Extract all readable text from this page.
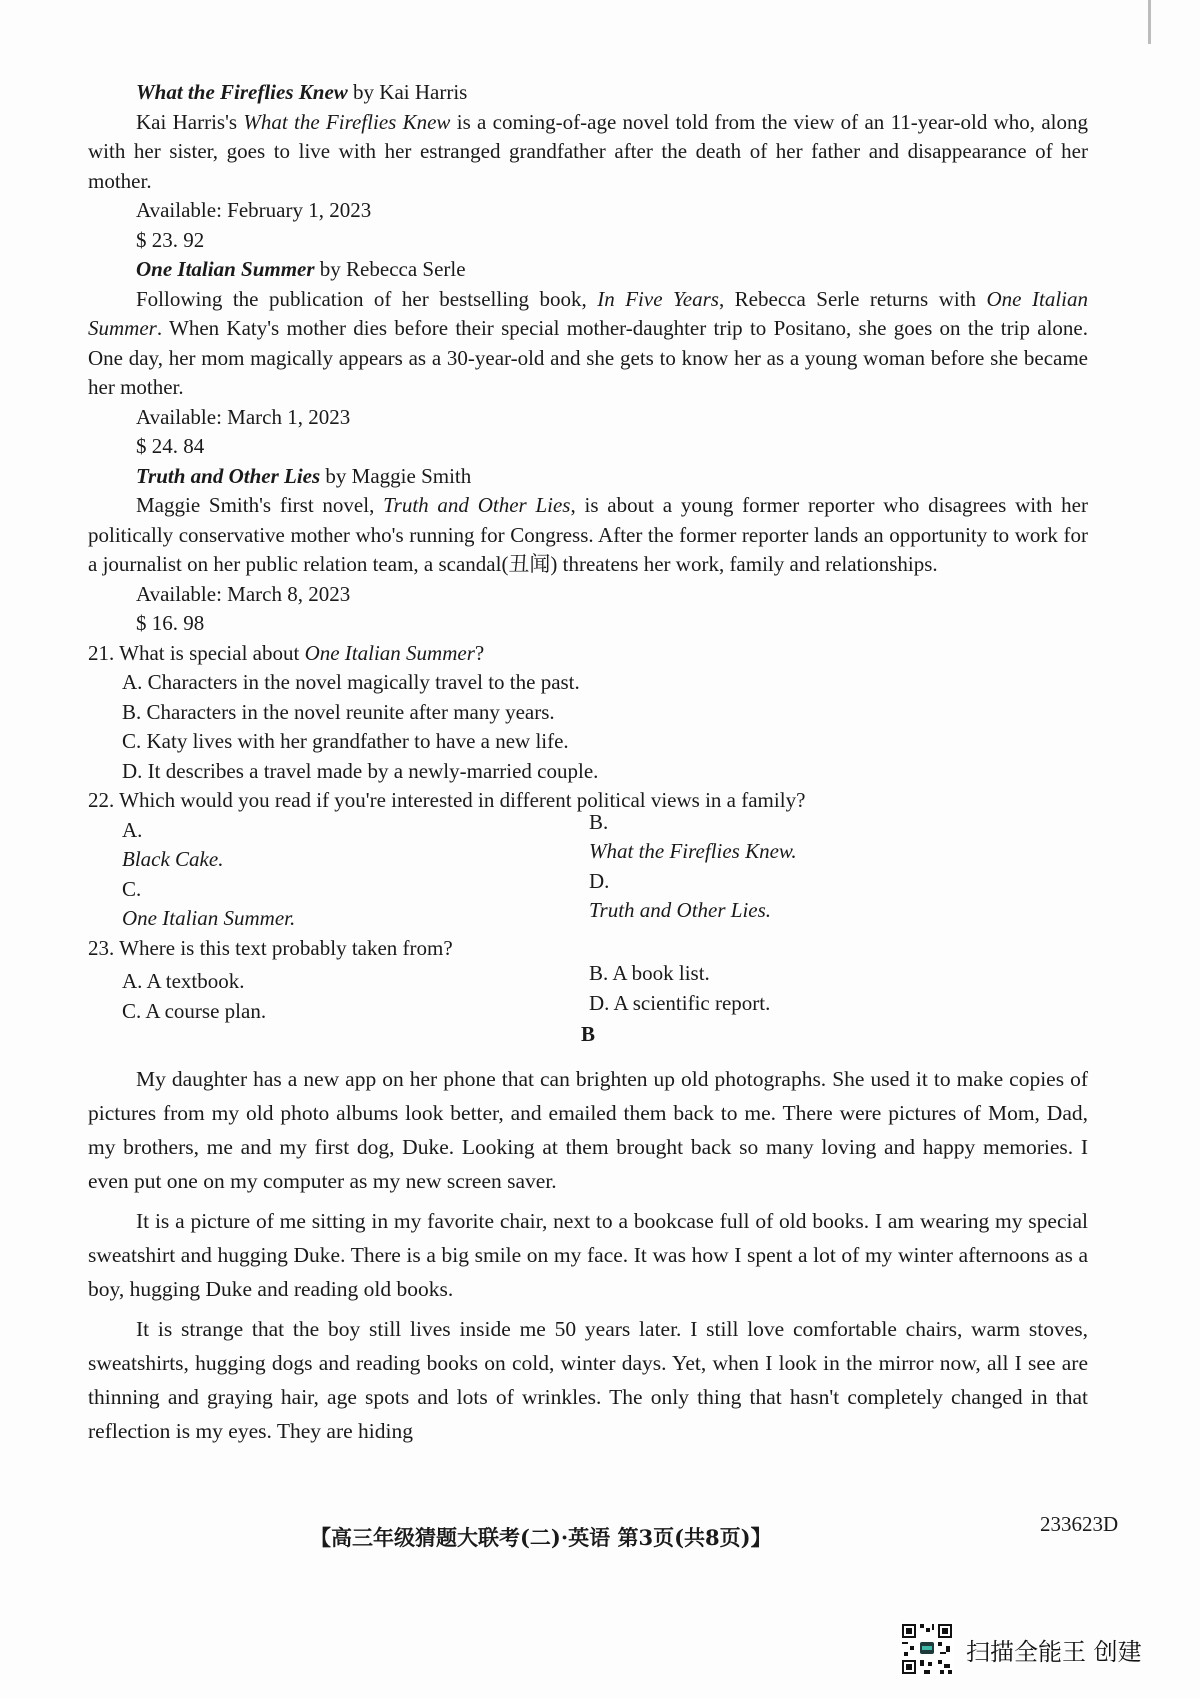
What the Fireflies Knew by Kai Harris

Kai Harris's What the Fireflies Knew is a coming-of-age novel told from the view of an 11-year-old who, along with her sister, goes to live with her estranged grandfather after the death of her father and disappearance of her mother.

Available: February 1, 2023

$ 23. 92

One Italian Summer by Rebecca Serle

Following the publication of her bestselling book, In Five Years, Rebecca Serle returns with One Italian Summer. When Katy's mother dies before their special mother-daughter trip to Positano, she goes on the trip alone. One day, her mom magically appears as a 30-year-old and she gets to know her as a young woman before she became her mother.

Available: March 1, 2023

$ 24. 84

Truth and Other Lies by Maggie Smith

Maggie Smith's first novel, Truth and Other Lies, is about a young former reporter who disagrees with her politically conservative mother who's running for Congress. After the former reporter lands an opportunity to work for a journalist on her public relation team, a scandal(丑闻) threatens her work, family and relationships.

Available: March 8, 2023

$ 16. 98

21. What is special about One Italian Summer?

A. Characters in the novel magically travel to the past.

B. Characters in the novel reunite after many years.

C. Katy lives with her grandfather to have a new life.

D. It describes a travel made by a newly-married couple.

22. Which would you read if you're interested in different political views in a family?

A.
Black Cake.
B.
What the Fireflies Knew.
C.
One Italian Summer.
D.
Truth and Other Lies.

23. Where is this text probably taken from?

A. A textbook.	B. A book list.
C. A course plan.	D. A scientific report.

B

My daughter has a new app on her phone that can brighten up old photographs. She used it to make copies of pictures from my old photo albums look better, and emailed them back to me. There were pictures of Mom, Dad, my brothers, me and my first dog, Duke. Looking at them brought back so many loving and happy memories. I even put one on my computer as my new screen saver.

It is a picture of me sitting in my favorite chair, next to a bookcase full of old books. I am wearing my special sweatshirt and hugging Duke. There is a big smile on my face. It was how I spent a lot of my winter afternoons as a boy, hugging Duke and reading old books.

It is strange that the boy still lives inside me 50 years later. I still love comfortable chairs, warm stoves, sweatshirts, hugging dogs and reading books on cold, winter days. Yet, when I look in the mirror now, all I see are thinning and graying hair, age spots and lots of wrinkles. The only thing that hasn't completely changed in that reflection is my eyes. They are hiding

【高三年级猜题大联考(二)·英语 第3页(共8页)】
233623D
扫描全能王 创建
